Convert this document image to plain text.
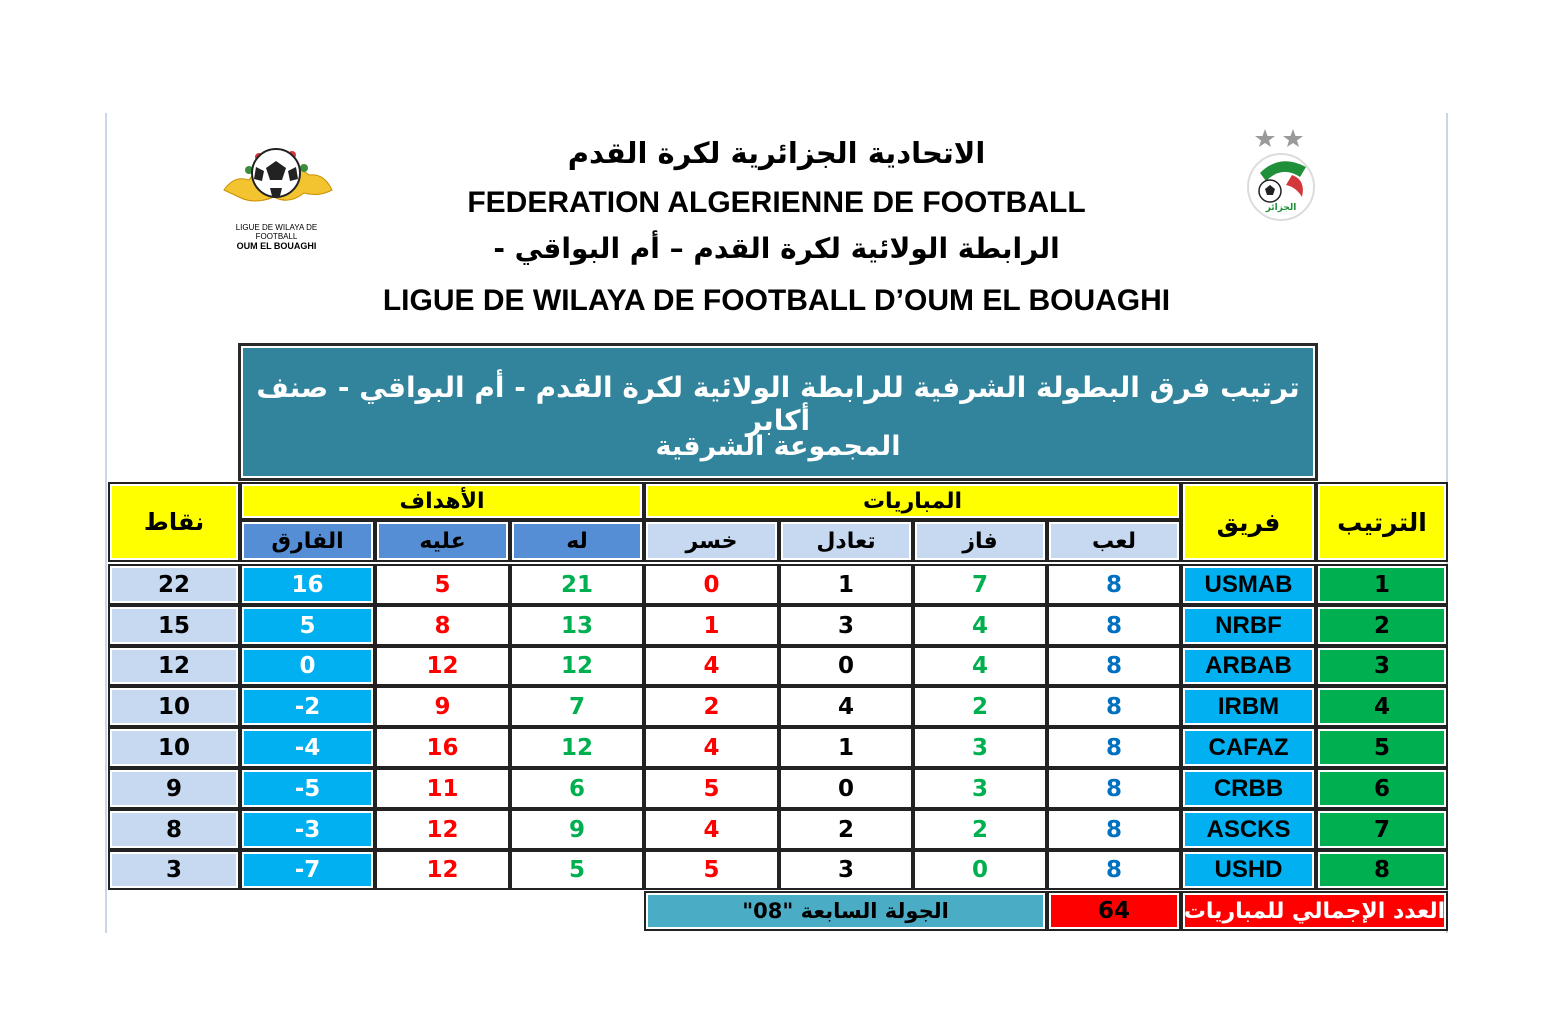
LIGUE DE WILAYA DE FOOTBALL
OUM EL BOUAGHI
الجزائر
الاتحادية الجزائرية لكرة القدم
FEDERATION ALGERIENNE DE FOOTBALL
الرابطة الولائية لكرة القدم – أم البواقي -
LIGUE DE WILAYA DE FOOTBALL D’OUM EL BOUAGHI
ترتيب فرق البطولة الشرفية للرابطة الولائية لكرة القدم - أم البواقي - صنف أكابر
المجموعة الشرقية
نقاط
الأهداف	المباريات
فريق	الترتيب
الفارق	عليه	له	خسر	تعادل	فاز	لعب
22	16	5	21	0	1	7	8	USMAB	1
15	5	8	13	1	3	4	8	NRBF	2
12	0	12	12	4	0	4	8	ARBAB	3
10	-2	9	7	2	4	2	8	IRBM	4
10	-4	16	12	4	1	3	8	CAFAZ	5
9	-5	11	6	5	0	3	8	CRBB	6
8	-3	12	9	4	2	2	8	ASCKS	7
3	-7	12	5	5	3	0	8	USHD	8
الجولة السابعة "08"	64	العدد الإجمالي للمباريات
